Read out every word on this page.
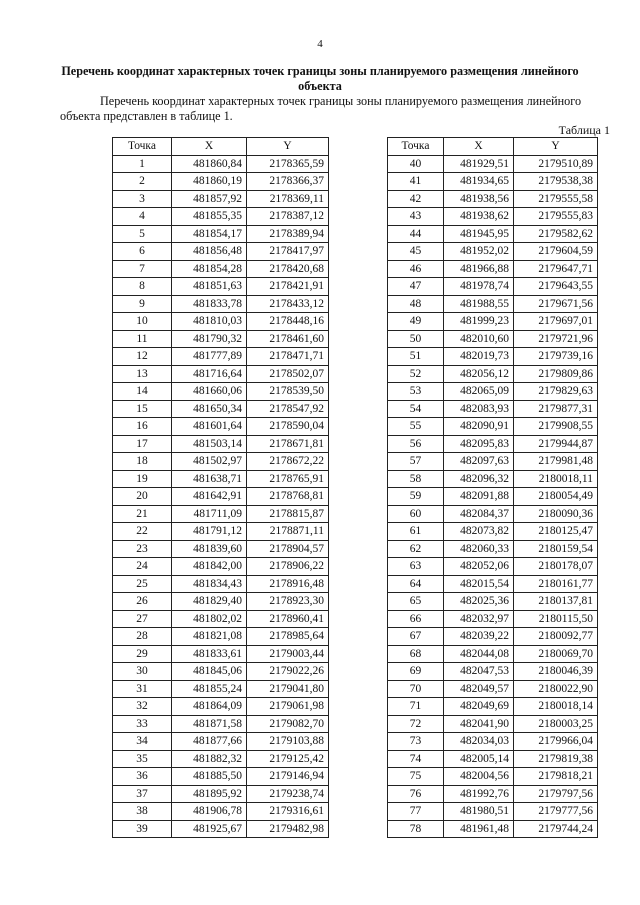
4
Перечень координат характерных точек границы зоны планируемого размещения линейного объекта
Перечень координат характерных точек границы зоны планируемого размещения линейного объекта представлен в таблице 1.
Таблица 1
Точка	X	Y
1	481860,84	2178365,59
2	481860,19	2178366,37
3	481857,92	2178369,11
4	481855,35	2178387,12
5	481854,17	2178389,94
6	481856,48	2178417,97
7	481854,28	2178420,68
8	481851,63	2178421,91
9	481833,78	2178433,12
10	481810,03	2178448,16
11	481790,32	2178461,60
12	481777,89	2178471,71
13	481716,64	2178502,07
14	481660,06	2178539,50
15	481650,34	2178547,92
16	481601,64	2178590,04
17	481503,14	2178671,81
18	481502,97	2178672,22
19	481638,71	2178765,91
20	481642,91	2178768,81
21	481711,09	2178815,87
22	481791,12	2178871,11
23	481839,60	2178904,57
24	481842,00	2178906,22
25	481834,43	2178916,48
26	481829,40	2178923,30
27	481802,02	2178960,41
28	481821,08	2178985,64
29	481833,61	2179003,44
30	481845,06	2179022,26
31	481855,24	2179041,80
32	481864,09	2179061,98
33	481871,58	2179082,70
34	481877,66	2179103,88
35	481882,32	2179125,42
36	481885,50	2179146,94
37	481895,92	2179238,74
38	481906,78	2179316,61
39	481925,67	2179482,98
Точка	X	Y
40	481929,51	2179510,89
41	481934,65	2179538,38
42	481938,56	2179555,58
43	481938,62	2179555,83
44	481945,95	2179582,62
45	481952,02	2179604,59
46	481966,88	2179647,71
47	481978,74	2179643,55
48	481988,55	2179671,56
49	481999,23	2179697,01
50	482010,60	2179721,96
51	482019,73	2179739,16
52	482056,12	2179809,86
53	482065,09	2179829,63
54	482083,93	2179877,31
55	482090,91	2179908,55
56	482095,83	2179944,87
57	482097,63	2179981,48
58	482096,32	2180018,11
59	482091,88	2180054,49
60	482084,37	2180090,36
61	482073,82	2180125,47
62	482060,33	2180159,54
63	482052,06	2180178,07
64	482015,54	2180161,77
65	482025,36	2180137,81
66	482032,97	2180115,50
67	482039,22	2180092,77
68	482044,08	2180069,70
69	482047,53	2180046,39
70	482049,57	2180022,90
71	482049,69	2180018,14
72	482041,90	2180003,25
73	482034,03	2179966,04
74	482005,14	2179819,38
75	482004,56	2179818,21
76	481992,76	2179797,56
77	481980,51	2179777,56
78	481961,48	2179744,24
